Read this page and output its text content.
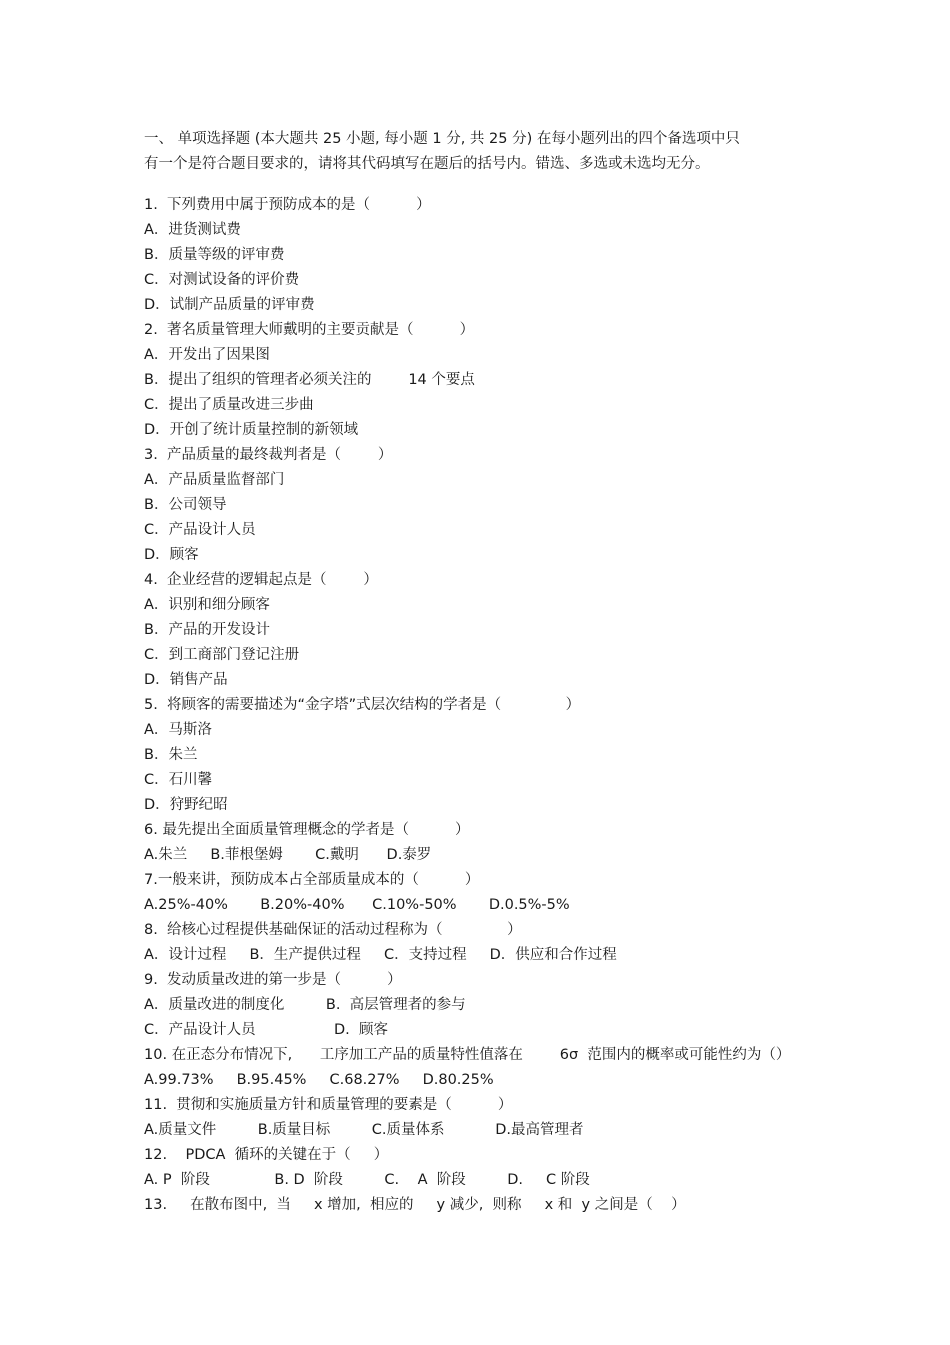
一、 单项选择题 (本大题共 25 小题, 每小题 1 分, 共 25 分) 在每小题列出的四个备选项中只
有一个是符合题目要求的，请将其代码填写在题后的括号内。错选、多选或未选均无分。
1.  下列费用中属于预防成本的是（          ）
A．进货测试费
B．质量等级的评审费
C．对测试设备的评价费
D．试制产品质量的评审费
2.  著名质量管理大师戴明的主要贡献是（          ）
A．开发出了因果图
B．提出了组织的管理者必须关注的        14 个要点
C．提出了质量改进三步曲
D．开创了统计质量控制的新领域
3.  产品质量的最终裁判者是（        ）
A．产品质量监督部门
B．公司领导
C．产品设计人员
D．顾客
4.  企业经营的逻辑起点是（        ）
A．识别和细分顾客
B．产品的开发设计
C．到工商部门登记注册
D．销售产品
5.  将顾客的需要描述为“金字塔”式层次结构的学者是（              ）
A．马斯洛
B．朱兰
C．石川馨
D．狩野纪昭
6. 最先提出全面质量管理概念的学者是（          ）
A.朱兰     B.菲根堡姆       C.戴明      D.泰罗
7.一般来讲，预防成本占全部质量成本的（          ）
A.25%-40%       B.20%-40%      C.10%-50%       D.0.5%-5%
8.  给核心过程提供基础保证的活动过程称为（              ）
A．设计过程     B．生产提供过程     C．支持过程     D．供应和合作过程
9.  发动质量改进的第一步是（          ）
A．质量改进的制度化         B.  高层管理者的参与
C．产品设计人员                 D.  顾客
10. 在正态分布情况下,      工序加工产品的质量特性值落在        6σ  范围内的概率或可能性约为（）
A.99.73%     B.95.45%     C.68.27%     D.80.25%
11.  贯彻和实施质量方针和质量管理的要素是（          ）
A.质量文件         B.质量目标         C.质量体系           D.最高管理者
12.    PDCA  循环的关键在于（     ）
A. P  阶段              B. D  阶段         C.    A  阶段         D.     C 阶段
13.     在散布图中,  当     x 增加,  相应的     y 减少,  则称     x 和  y 之间是（    ）
